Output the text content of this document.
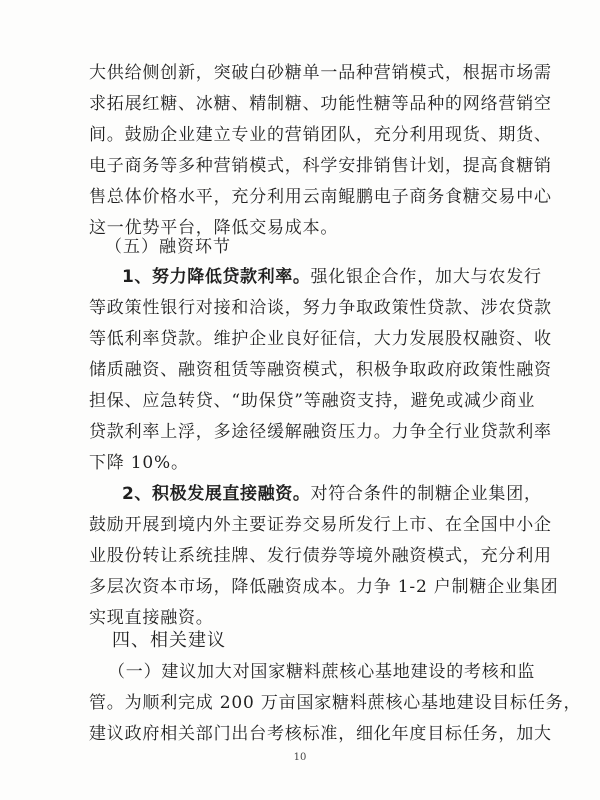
大供给侧创新，突破白砂糖单一品种营销模式，根据市场需
求拓展红糖、冰糖、精制糖、功能性糖等品种的网络营销空
间。鼓励企业建立专业的营销团队，充分利用现货、期货、
电子商务等多种营销模式，科学安排销售计划，提高食糖销
售总体价格水平，充分利用云南鲲鹏电子商务食糖交易中心
这一优势平台，降低交易成本。
（五）融资环节
1、努力降低贷款利率。强化银企合作，加大与农发行
等政策性银行对接和洽谈，努力争取政策性贷款、涉农贷款
等低利率贷款。维护企业良好征信，大力发展股权融资、收
储质融资、融资租赁等融资模式，积极争取政府政策性融资
担保、应急转贷、“助保贷”等融资支持，避免或减少商业
贷款利率上浮，多途径缓解融资压力。力争全行业贷款利率
下降 10%。
2、积极发展直接融资。对符合条件的制糖企业集团，
鼓励开展到境内外主要证券交易所发行上市、在全国中小企
业股份转让系统挂牌、发行债券等境外融资模式，充分利用
多层次资本市场，降低融资成本。力争 1-2 户制糖企业集团
实现直接融资。
四、相关建议
（一）建议加大对国家糖料蔗核心基地建设的考核和监
管。为顺利完成 200 万亩国家糖料蔗核心基地建设目标任务，
建议政府相关部门出台考核标准，细化年度目标任务，加大
10
